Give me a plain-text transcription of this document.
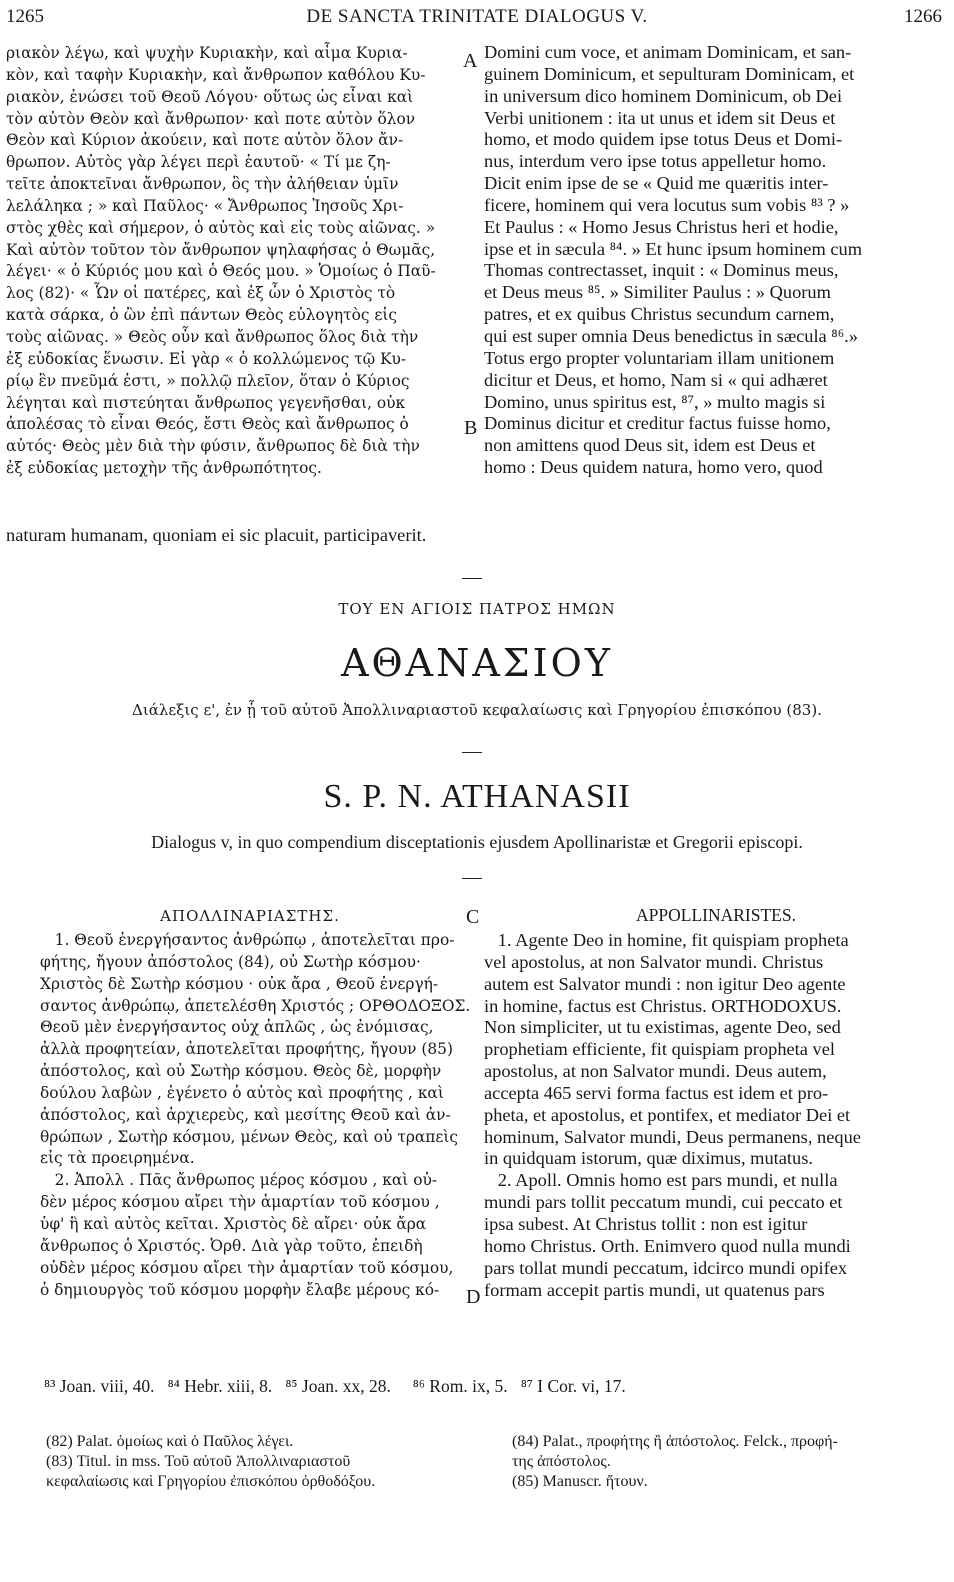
1265	DE SANCTA TRINITATE DIALOGUS V.	1266
ριακὸν λέγω, καὶ ψυχὴν Κυριακὴν, καὶ αἷμα Κυρια-
κὸν, καὶ ταφὴν Κυριακὴν, καὶ ἄνθρωπον καθόλου Κυ-
ριακὸν, ἑνώσει τοῦ Θεοῦ Λόγου· οὕτως ὡς εἶναι καὶ
τὸν αὐτὸν Θεὸν καὶ ἄνθρωπον· καὶ ποτε αὐτὸν ὅλον
Θεὸν καὶ Κύριον ἀκούειν, καὶ ποτε αὐτὸν ὅλον ἄν-
θρωπον. Αὐτὸς γὰρ λέγει περὶ ἑαυτοῦ· « Τί με ζη-
τεῖτε ἀποκτεῖναι ἄνθρωπον, ὃς τὴν ἀλήθειαν ὑμῖν
λελάληκα ; » καὶ Παῦλος· « Ἄνθρωπος Ἰησοῦς Χρι-
στὸς χθὲς καὶ σήμερον, ὁ αὐτὸς καὶ εἰς τοὺς αἰῶνας. »
Καὶ αὐτὸν τοῦτον τὸν ἄνθρωπον ψηλαφήσας ὁ Θωμᾶς,
λέγει· « ὁ Κύριός μου καὶ ὁ Θεός μου. » Ὁμοίως ὁ Παῦ-
λος (82)· « Ὧν οἱ πατέρες, καὶ ἐξ ὧν ὁ Χριστὸς τὸ
κατὰ σάρκα, ὁ ὢν ἐπὶ πάντων Θεὸς εὐλογητὸς εἰς
τοὺς αἰῶνας. » Θεὸς οὖν καὶ ἄνθρωπος ὅλος διὰ τὴν
ἐξ εὐδοκίας ἕνωσιν. Εἰ γὰρ « ὁ κολλώμενος τῷ Κυ-
ρίῳ ἓν πνεῦμά ἐστι, » πολλῷ πλεῖον, ὅταν ὁ Κύριος
λέγηται καὶ πιστεύηται ἄνθρωπος γεγενῆσθαι, οὐκ
ἀπολέσας τὸ εἶναι Θεός, ἔστι Θεὸς καὶ ἄνθρωπος ὁ
αὐτός· Θεὸς μὲν διὰ τὴν φύσιν, ἄνθρωπος δὲ διὰ τὴν
ἐξ εὐδοκίας μετοχὴν τῆς ἀνθρωπότητος.
Domini cum voce, et animam Dominicam, et san-
guinem Dominicum, et sepulturam Dominicam, et
in universum dico hominem Dominicum, ob Dei
Verbi unitionem : ita ut unus et idem sit Deus et
homo, et modo quidem ipse totus Deus et Domi-
nus, interdum vero ipse totus appelletur homo.
Dicit enim ipse de se « Quid me quæritis inter-
ficere, hominem qui vera locutus sum vobis ⁸³ ? »
Et Paulus : « Homo Jesus Christus heri et hodie,
ipse et in sæcula ⁸⁴. » Et hunc ipsum hominem cum
Thomas contrectasset, inquit : « Dominus meus,
et Deus meus ⁸⁵. » Similiter Paulus : » Quorum
patres, et ex quibus Christus secundum carnem,
qui est super omnia Deus benedictus in sæcula ⁸⁶.»
Totus ergo propter voluntariam illam unitionem
dicitur et Deus, et homo, Nam si « qui adhæret
Domino, unus spiritus est, ⁸⁷, » multo magis si
Dominus dicitur et creditur factus fuisse homo,
non amittens quod Deus sit, idem est Deus et
homo : Deus quidem natura, homo vero, quod
naturam humanam, quoniam ei sic placuit, participaverit.
A
B
ΤΟΥ ΕΝ ΑΓΙΟΙΣ ΠΑΤΡΟΣ ΗΜΩΝ
ΑΘΑΝΑΣΙΟΥ
Διάλεξις ε', ἐν ᾗ τοῦ αὐτοῦ Ἀπολλιναριαστοῦ κεφαλαίωσις καὶ Γρηγορίου ἐπισκόπου (83).
S. P. N. ATHANASII
Dialogus v, in quo compendium disceptationis ejusdem Apollinaristæ et Gregorii episcopi.
ΑΠΟΛΛΙΝΑΡΙΑΣΤΗΣ.	APPOLLINARISTES.
C
1. Θεοῦ ἐνεργήσαντος ἀνθρώπῳ , ἀποτελεῖται προ-
φήτης, ἤγουν ἀπόστολος (84), οὐ Σωτὴρ κόσμου·
Χριστὸς δὲ Σωτὴρ κόσμου · οὐκ ἄρα , Θεοῦ ἐνεργή-
σαντος ἀνθρώπῳ, ἀπετελέσθη Χριστός ; ΟΡΘΟΔΟΞΟΣ.
Θεοῦ μὲν ἐνεργήσαντος οὐχ ἁπλῶς , ὡς ἐνόμισας,
ἀλλὰ προφητείαν, ἀποτελεῖται προφήτης, ἤγουν (85)
ἀπόστολος, καὶ οὐ Σωτὴρ κόσμου. Θεὸς δὲ, μορφὴν
δούλου λαβὼν , ἐγένετο ὁ αὐτὸς καὶ προφήτης , καὶ
ἀπόστολος, καὶ ἀρχιερεὺς, καὶ μεσίτης Θεοῦ καὶ ἀν-
θρώπων , Σωτὴρ κόσμου, μένων Θεὸς, καὶ οὐ τραπεὶς
εἰς τὰ προειρημένα.
2. Ἀπολλ . Πᾶς ἄνθρωπος μέρος κόσμου , καὶ οὐ-
δὲν μέρος κόσμου αἴρει τὴν ἁμαρτίαν τοῦ κόσμου ,
ὑφ' ἣ καὶ αὐτὸς κεῖται. Χριστὸς δὲ αἴρει· οὐκ ἄρα
ἄνθρωπος ὁ Χριστός. Ὀρθ. Διὰ γὰρ τοῦτο, ἐπειδὴ
οὐδὲν μέρος κόσμου αἴρει τὴν ἁμαρτίαν τοῦ κόσμου,
ὁ δημιουργὸς τοῦ κόσμου μορφὴν ἔλαβε μέρους κό-
1. Agente Deo in homine, fit quispiam propheta
vel apostolus, at non Salvator mundi. Christus
autem est Salvator mundi : non igitur Deo agente
in homine, factus est Christus. ORTHODOXUS.
Non simpliciter, ut tu existimas, agente Deo, sed
prophetiam efficiente, fit quispiam propheta vel
apostolus, at non Salvator mundi. Deus autem,
accepta 465 servi forma factus est idem et pro-
pheta, et apostolus, et pontifex, et mediator Dei et
hominum, Salvator mundi, Deus permanens, neque
in quidquam istorum, quæ diximus, mutatus.
2. Apoll. Omnis homo est pars mundi, et nulla
mundi pars tollit peccatum mundi, cui peccato et
ipsa subest. At Christus tollit : non est igitur
homo Christus. Orth. Enimvero quod nulla mundi
pars tollat mundi peccatum, idcirco mundi opifex
formam accepit partis mundi, ut quatenus pars
D
⁸³ Joan. viii, 40.   ⁸⁴ Hebr. xiii, 8.   ⁸⁵ Joan. xx, 28.     ⁸⁶ Rom. ix, 5.   ⁸⁷ I Cor. vi, 17.
(82) Palat. ὁμοίως καὶ ὁ Παῦλος λέγει.
(83) Titul. in mss. Τοῦ αὐτοῦ Ἀπολλιναριαστοῦ
κεφαλαίωσις καὶ Γρηγορίου ἐπισκόπου ὀρθοδόξου.
(84) Palat., προφήτης ἢ ἀπόστολος. Felck., προφή-
της ἀπόστολος.
(85) Manuscr. ἤτουν.
